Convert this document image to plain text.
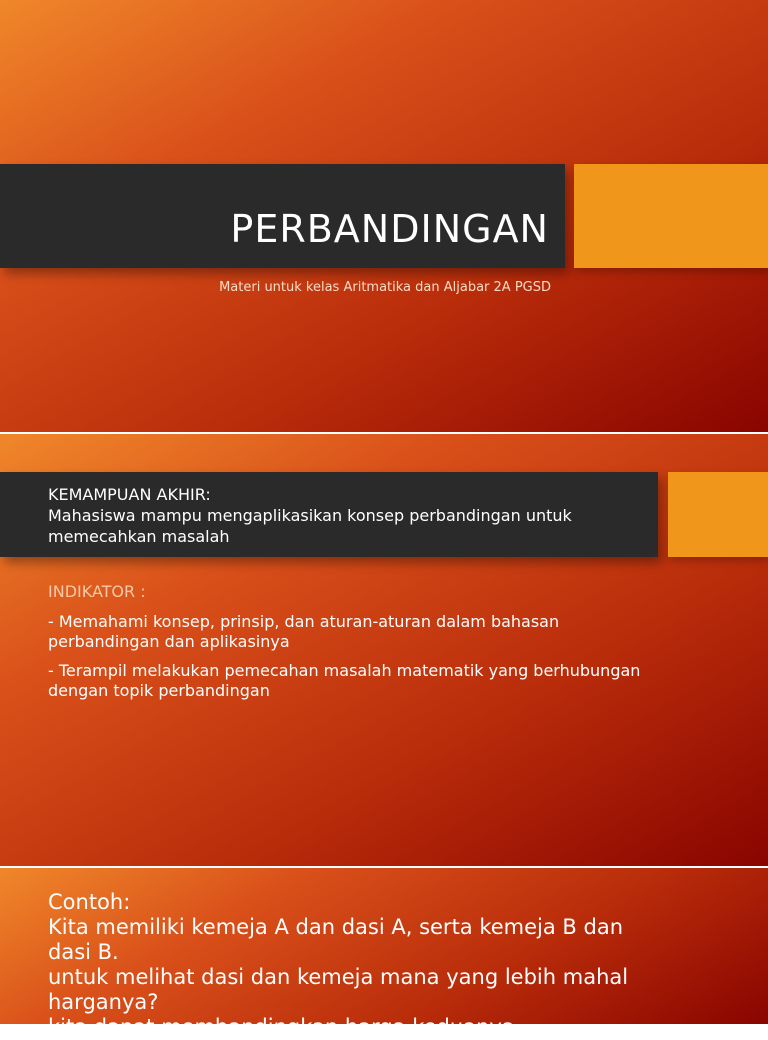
PERBANDINGAN
Materi untuk kelas Aritmatika dan Aljabar 2A PGSD
KEMAMPUAN AKHIR:
Mahasiswa mampu mengaplikasikan konsep perbandingan untuk memecahkan masalah
INDIKATOR :
- Memahami konsep, prinsip, dan aturan-aturan dalam bahasan perbandingan dan aplikasinya
- Terampil melakukan pemecahan masalah matematik yang berhubungan dengan topik perbandingan
Contoh:
Kita memiliki kemeja A dan dasi A, serta kemeja B dan dasi B.
untuk melihat dasi dan kemeja mana yang lebih mahal harganya?
kita dapat membandingkan harga keduanya
